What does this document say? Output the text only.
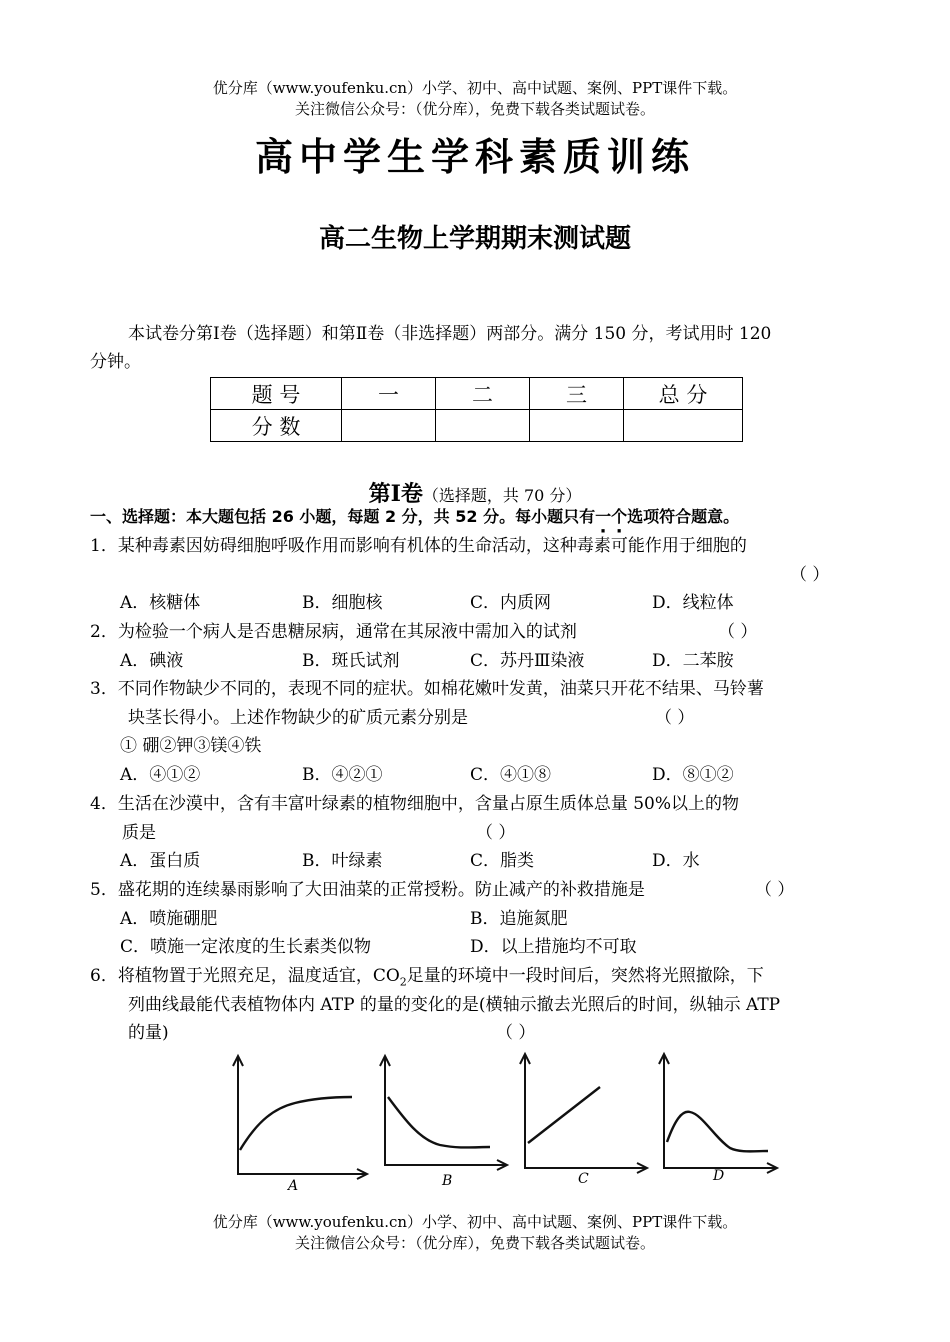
优分库（www.youfenku.cn）小学、初中、高中试题、案例、PPT课件下载。
关注微信公众号：（优分库），免费下载各类试题试卷。
高中学生学科素质训练
高二生物上学期期末测试题
本试卷分第Ⅰ卷（选择题）和第Ⅱ卷（非选择题）两部分。满分 150 分，考试用时 120
分钟。
题 号	一	二	三	总 分
分 数				
第Ⅰ卷（选择题，共 70 分）
一、选择题：本大题包括 26 小题，每题 2 分，共 52 分。每小题只有一个选项符合题意。
1．某种毒素因妨碍细胞呼吸作用而影响有机体的生命活动，这种毒素可能作用于细胞的
（ ）
A．核糖体	B．细胞核	C．内质网	D．线粒体
2．为检验一个病人是否患糖尿病，通常在其尿液中需加入的试剂	（ ）
A．碘液	B．斑氏试剂	C．苏丹Ⅲ染液	D．二苯胺
3．不同作物缺少不同的，表现不同的症状。如棉花嫩叶发黄，油菜只开花不结果、马铃薯
块茎长得小。上述作物缺少的矿质元素分别是	（ ）
① 硼②钾③镁④铁
A．④①②	B．④②①	C．④①⑧	D．⑧①②
4．生活在沙漠中，含有丰富叶绿素的植物细胞中，含量占原生质体总量 50%以上的物
质是	（ ）
A．蛋白质	B．叶绿素	C．脂类	D．水
5．盛花期的连续暴雨影响了大田油菜的正常授粉。防止减产的补救措施是	（ ）
A．喷施硼肥	B．追施氮肥
C．喷施一定浓度的生长素类似物	D．以上措施均不可取
6．将植物置于光照充足，温度适宜，$CO_2$足量的环境中一段时间后，突然将光照撤除，下
列曲线最能代表植物体内 ATP 的量的变化的是(横轴示撤去光照后的时间，纵轴示 ATP
的量)	（ ）
A	B	C	D
优分库（www.youfenku.cn）小学、初中、高中试题、案例、PPT课件下载。
关注微信公众号：（优分库），免费下载各类试题试卷。
